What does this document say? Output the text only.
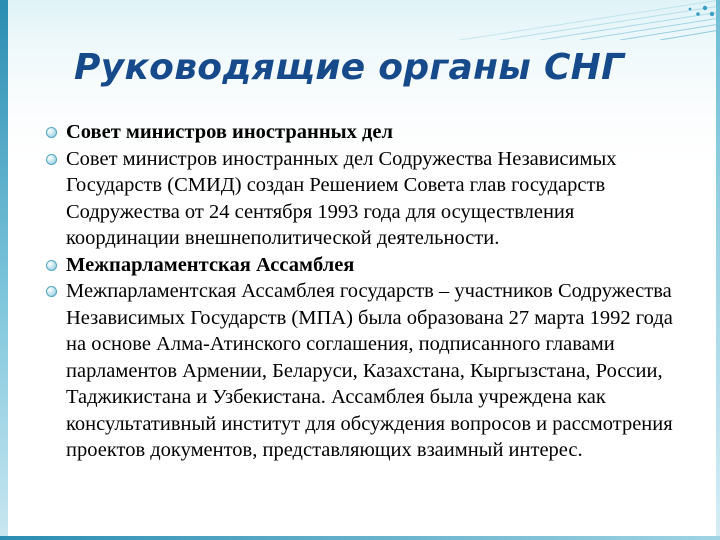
Руководящие органы СНГ
Совет министров иностранных дел
Совет министров иностранных дел Содружества Независимых Государств (СМИД) создан Решением Совета глав государств Содружества от 24 сентября 1993 года для осуществления координации внешнеполитической деятельности.
Межпарламентская Ассамблея
Межпарламентская Ассамблея государств – участников Содружества Независимых Государств (МПА) была образована 27 марта 1992 года на основе Алма-Атинского соглашения, подписанного главами парламентов Армении, Беларуси, Казахстана, Кыргызстана, России, Таджикистана и Узбекистана. Ассамблея была учреждена как консультативный институт для обсуждения вопросов и рассмотрения проектов документов, представляющих взаимный интерес.
